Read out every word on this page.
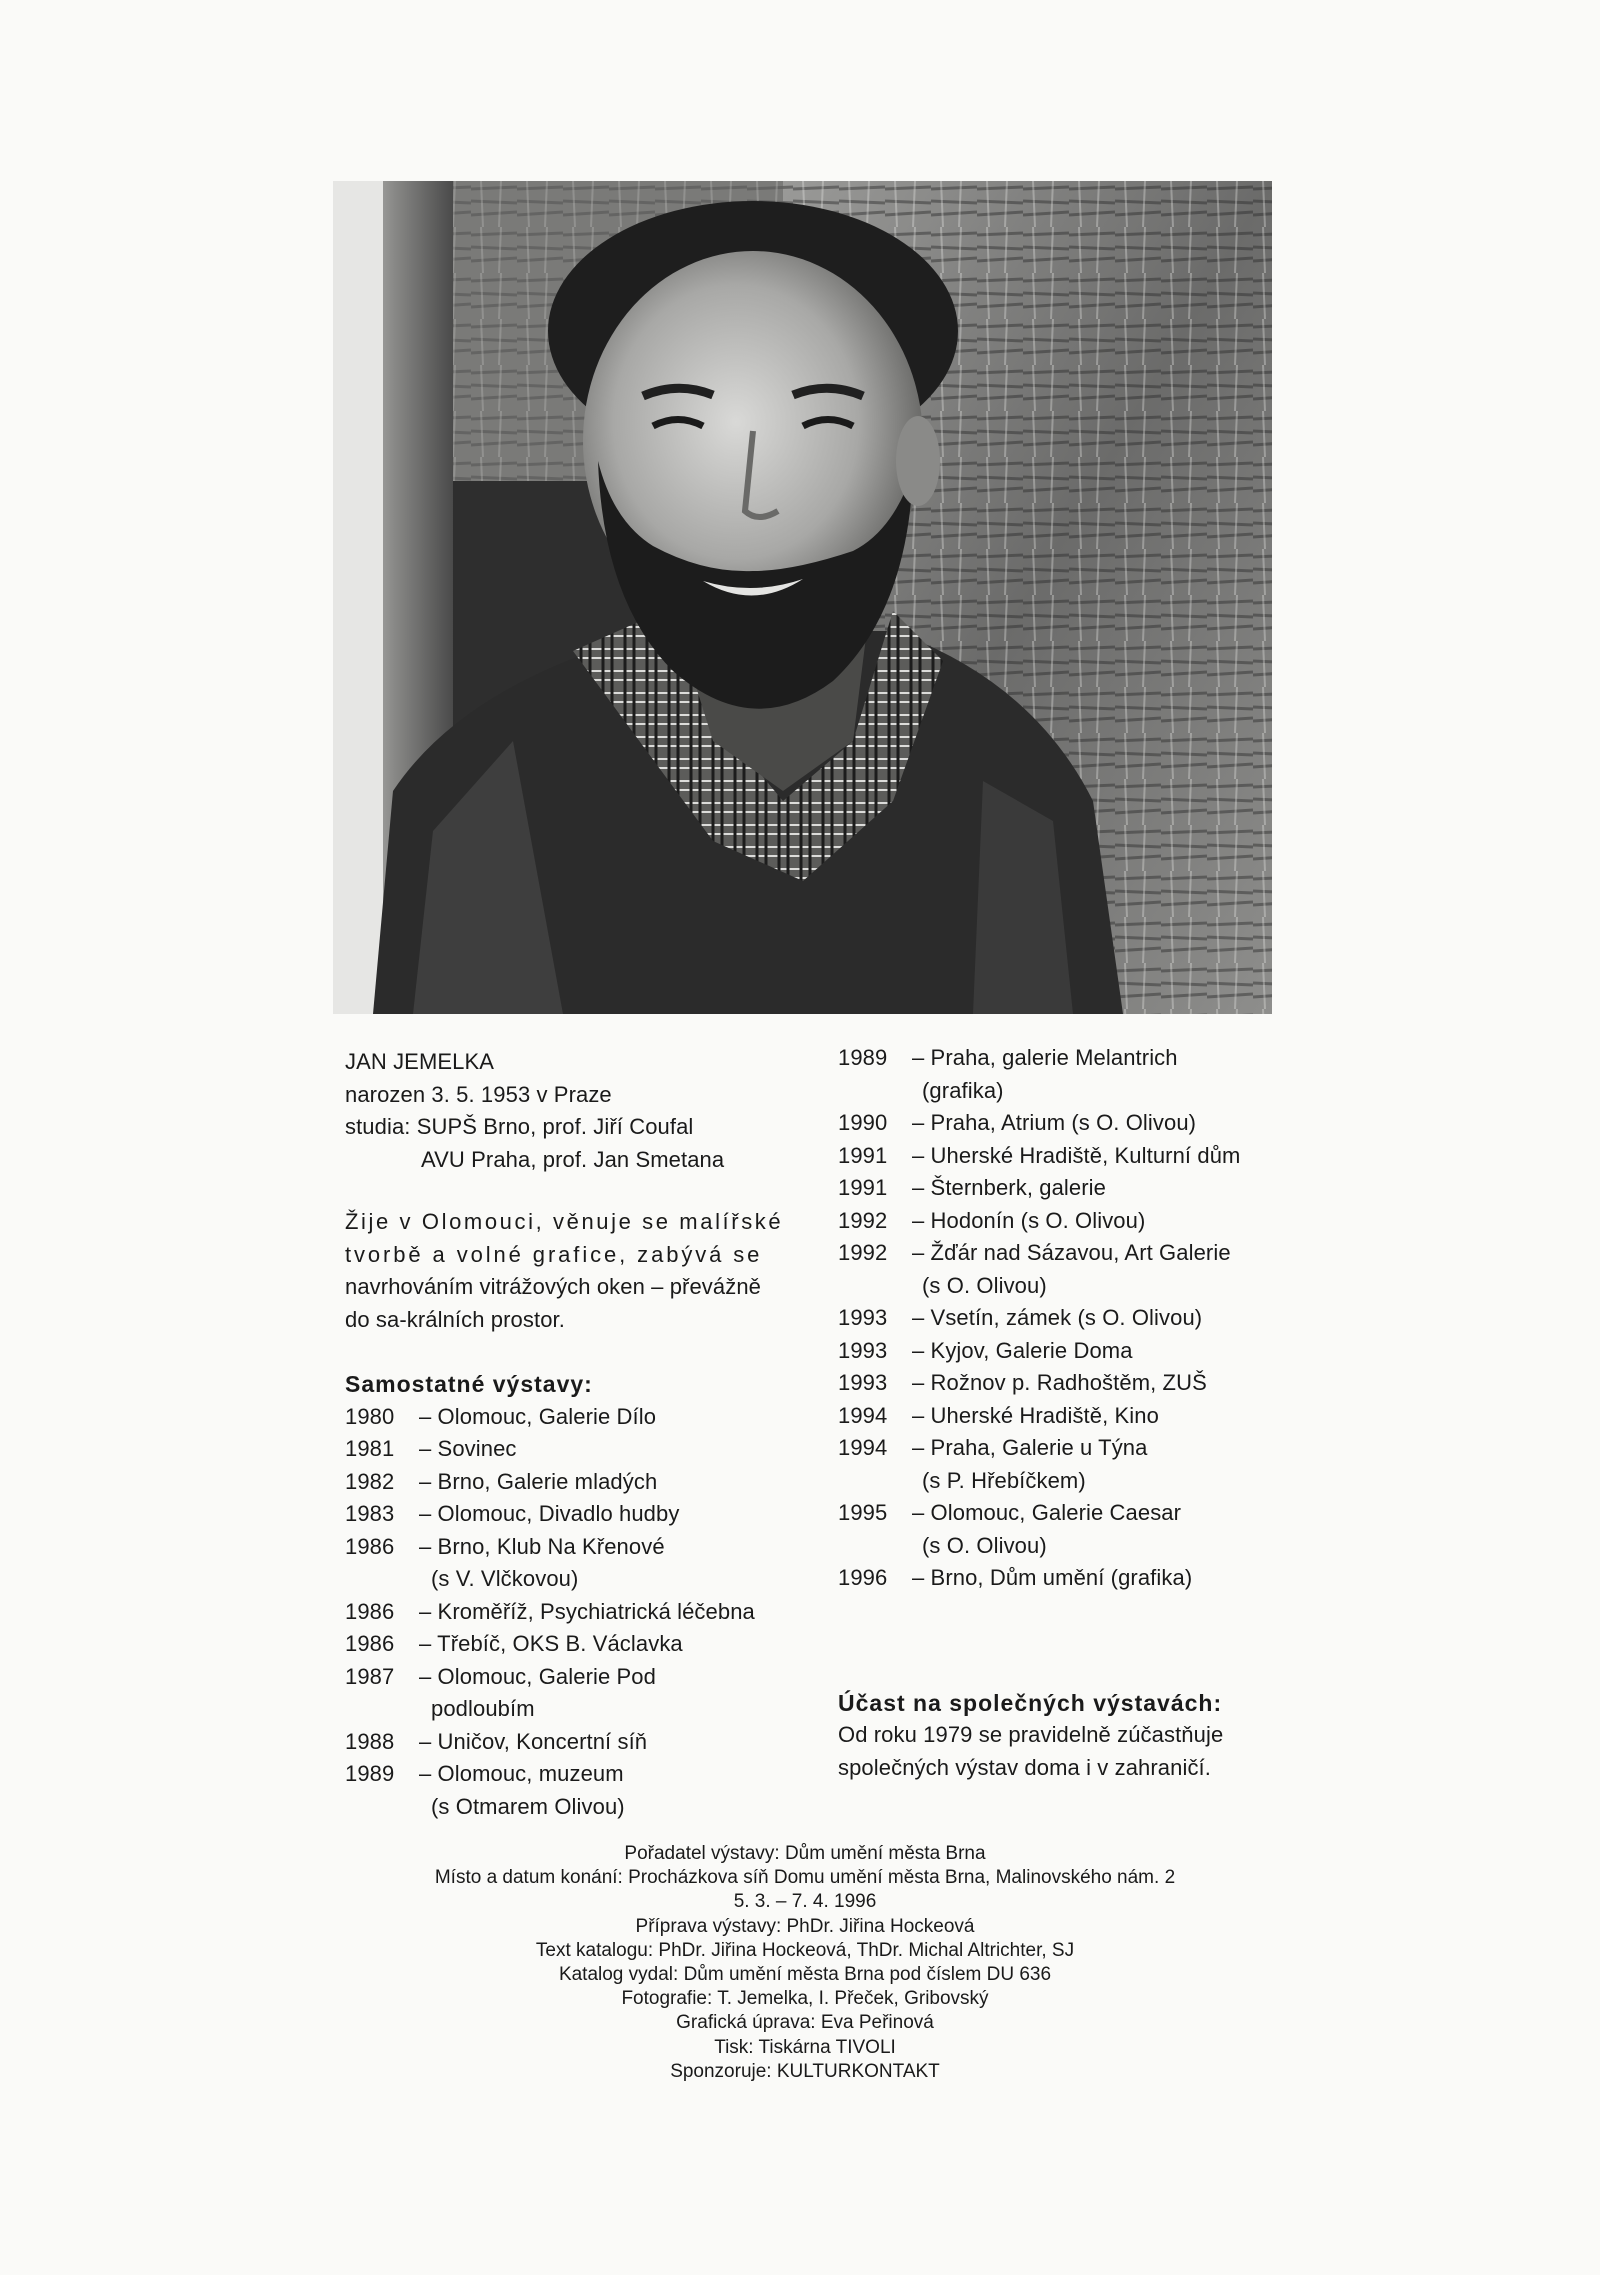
JAN JEMELKA
narozen 3. 5. 1953 v Praze
studia: SUPŠ Brno, prof. Jiří Coufal
AVU Praha, prof. Jan Smetana
Žije v Olomouci, věnuje se malířské
tvorbě a volné grafice, zabývá se
navrhováním vitrážových oken – převážně
do sa-králních prostor.
Samostatné výstavy:
1980	– Olomouc, Galerie Dílo
1981	– Sovinec
1982	– Brno, Galerie mladých
1983	– Olomouc, Divadlo hudby
1986	– Brno, Klub Na Křenové
(s V. Vlčkovou)
1986	– Kroměříž, Psychiatrická léčebna
1986	– Třebíč, OKS B. Václavka
1987	– Olomouc, Galerie Pod
podloubím
1988	– Uničov, Koncertní síň
1989	– Olomouc, muzeum
(s Otmarem Olivou)
1989	– Praha, galerie Melantrich
(grafika)
1990	– Praha, Atrium (s O. Olivou)
1991	– Uherské Hradiště, Kulturní dům
1991	– Šternberk, galerie
1992	– Hodonín (s O. Olivou)
1992	– Žďár nad Sázavou, Art Galerie
(s O. Olivou)
1993	– Vsetín, zámek (s O. Olivou)
1993	– Kyjov, Galerie Doma
1993	– Rožnov p. Radhoštěm, ZUŠ
1994	– Uherské Hradiště, Kino
1994	– Praha, Galerie u Týna
(s P. Hřebíčkem)
1995	– Olomouc, Galerie Caesar
(s O. Olivou)
1996	– Brno, Dům umění (grafika)
Účast na společných výstavách:
Od roku 1979 se pravidelně zúčastňuje
společných výstav doma i v zahraničí.
Pořadatel výstavy: Dům umění města Brna
Místo a datum konání: Procházkova síň Domu umění města Brna, Malinovského nám. 2
5. 3. – 7. 4. 1996
Příprava výstavy: PhDr. Jiřina Hockeová
Text katalogu: PhDr. Jiřina Hockeová, ThDr. Michal Altrichter, SJ
Katalog vydal: Dům umění města Brna pod číslem DU 636
Fotografie: T. Jemelka, I. Přeček, Gribovský
Grafická úprava: Eva Peřinová
Tisk: Tiskárna TIVOLI
Sponzoruje: KULTURKONTAKT
